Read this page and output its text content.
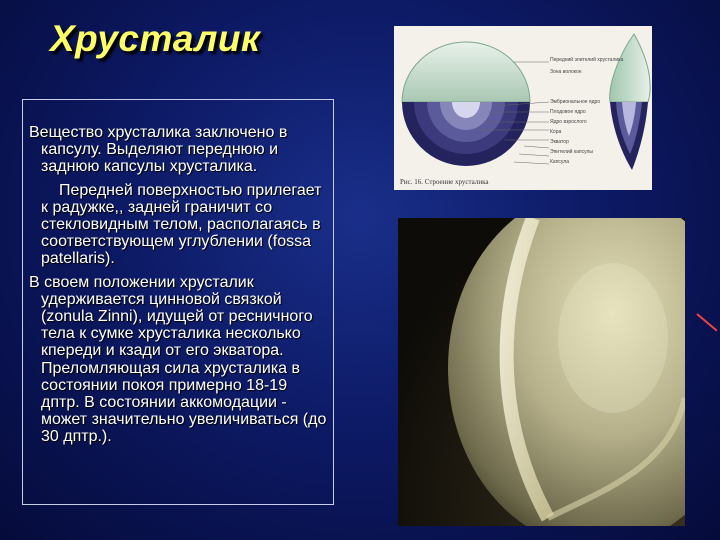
Хрусталик

Вещество хрусталика заключено в капсулу. Выделяют переднюю и заднюю капсулы хрусталика.

Передней поверхностью прилегает к радужке,, задней граничит со стекловидным телом, располагаясь в соответствующем углублении (fossa patellaris).

В своем положении хрусталик удерживается цинновой связкой (zonula Zinni), идущей от ресничного тела к сумке хрусталика несколько кпереди и кзади от его экватора. Преломляющая сила хрусталика в состоянии покоя примерно 18-19 дптр. В состоянии аккомодации - может значительно увеличиваться (до 30 дптр.).

Передний эпителий хрусталика
Зона волокон
Эмбриональное ядро
Плодовое ядро
Ядро взрослого
Кора
Экватор
Эпителий капсулы
Капсула
Рис. 16. Строение хрусталика
